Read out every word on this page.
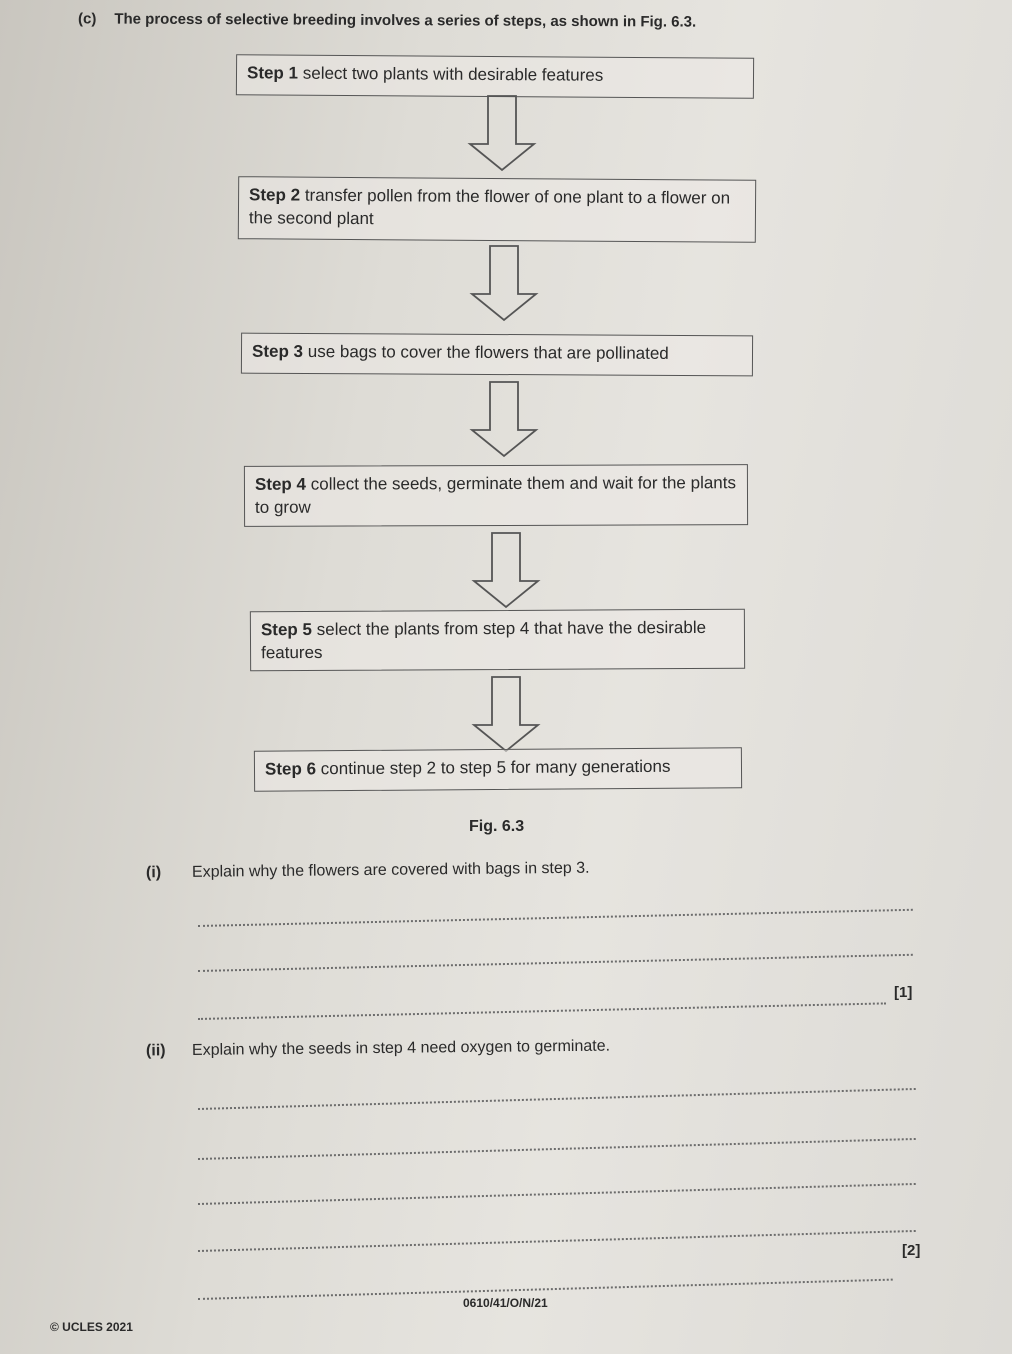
(c) The process of selective breeding involves a series of steps, as shown in Fig. 6.3.
Step 1 select two plants with desirable features
Step 2 transfer pollen from the flower of one plant to a flower on the second plant
Step 3 use bags to cover the flowers that are pollinated
Step 4 collect the seeds, germinate them and wait for the plants to grow
Step 5 select the plants from step 4 that have the desirable features
Step 6 continue step 2 to step 5 for many generations
Fig. 6.3
(i) Explain why the flowers are covered with bags in step 3.
[1]
(ii) Explain why the seeds in step 4 need oxygen to germinate.
[2]
0610/41/O/N/21
© UCLES 2021
